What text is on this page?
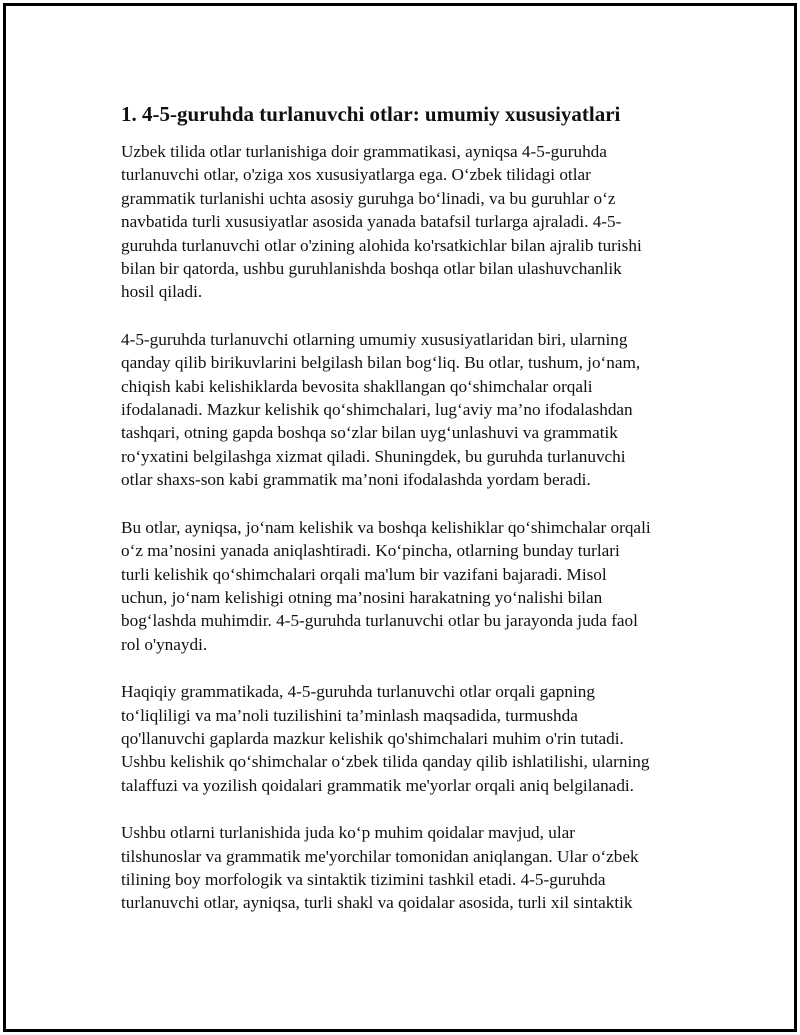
1. 4-5-guruhda turlanuvchi otlar: umumiy xususiyatlari

Uzbek tilida otlar turlanishiga doir grammatikasi, ayniqsa 4-5-guruhda
turlanuvchi otlar, o'ziga xos xususiyatlarga ega. O‘zbek tilidagi otlar
grammatik turlanishi uchta asosiy guruhga bo‘linadi, va bu guruhlar o‘z
navbatida turli xususiyatlar asosida yanada batafsil turlarga ajraladi. 4-5-
guruhda turlanuvchi otlar o'zining alohida ko'rsatkichlar bilan ajralib turishi
bilan bir qatorda, ushbu guruhlanishda boshqa otlar bilan ulashuvchanlik
hosil qiladi.

4-5-guruhda turlanuvchi otlarning umumiy xususiyatlaridan biri, ularning
qanday qilib birikuvlarini belgilash bilan bog‘liq. Bu otlar, tushum, jo‘nam,
chiqish kabi kelishiklarda bevosita shakllangan qo‘shimchalar orqali
ifodalanadi. Mazkur kelishik qo‘shimchalari, lug‘aviy ma’no ifodalashdan
tashqari, otning gapda boshqa so‘zlar bilan uyg‘unlashuvi va grammatik
ro‘yxatini belgilashga xizmat qiladi. Shuningdek, bu guruhda turlanuvchi
otlar shaxs-son kabi grammatik ma’noni ifodalashda yordam beradi.

Bu otlar, ayniqsa, jo‘nam kelishik va boshqa kelishiklar qo‘shimchalar orqali
o‘z ma’nosini yanada aniqlashtiradi. Ko‘pincha, otlarning bunday turlari
turli kelishik qo‘shimchalari orqali ma'lum bir vazifani bajaradi. Misol
uchun, jo‘nam kelishigi otning ma’nosini harakatning yo‘nalishi bilan
bog‘lashda muhimdir. 4-5-guruhda turlanuvchi otlar bu jarayonda juda faol
rol o'ynaydi.

Haqiqiy grammatikada, 4-5-guruhda turlanuvchi otlar orqali gapning
to‘liqliligi va ma’noli tuzilishini ta’minlash maqsadida, turmushda
qo'llanuvchi gaplarda mazkur kelishik qo'shimchalari muhim o'rin tutadi.
Ushbu kelishik qo‘shimchalar o‘zbek tilida qanday qilib ishlatilishi, ularning
talaffuzi va yozilish qoidalari grammatik me'yorlar orqali aniq belgilanadi.

Ushbu otlarni turlanishida juda ko‘p muhim qoidalar mavjud, ular
tilshunoslar va grammatik me'yorchilar tomonidan aniqlangan. Ular o‘zbek
tilining boy morfologik va sintaktik tizimini tashkil etadi. 4-5-guruhda
turlanuvchi otlar, ayniqsa, turli shakl va qoidalar asosida, turli xil sintaktik
